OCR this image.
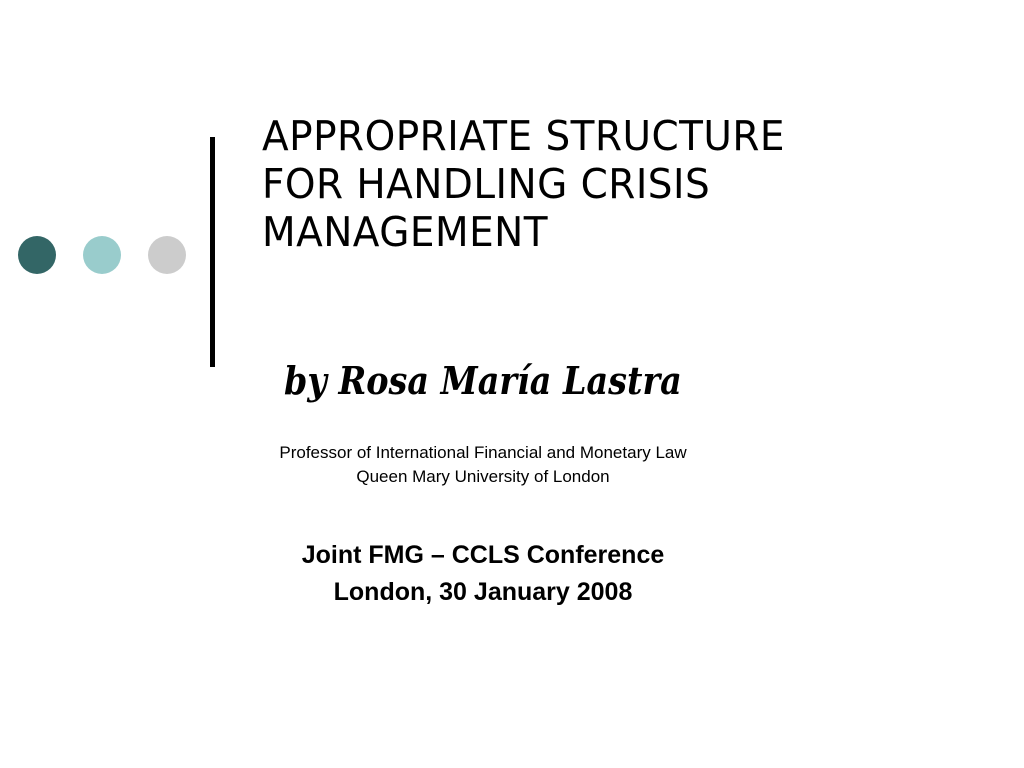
APPROPRIATE STRUCTURE
FOR HANDLING CRISIS
MANAGEMENT

by Rosa María Lastra

Professor of International Financial and Monetary Law
Queen Mary University of London
Joint FMG – CCLS Conference
London, 30 January 2008
